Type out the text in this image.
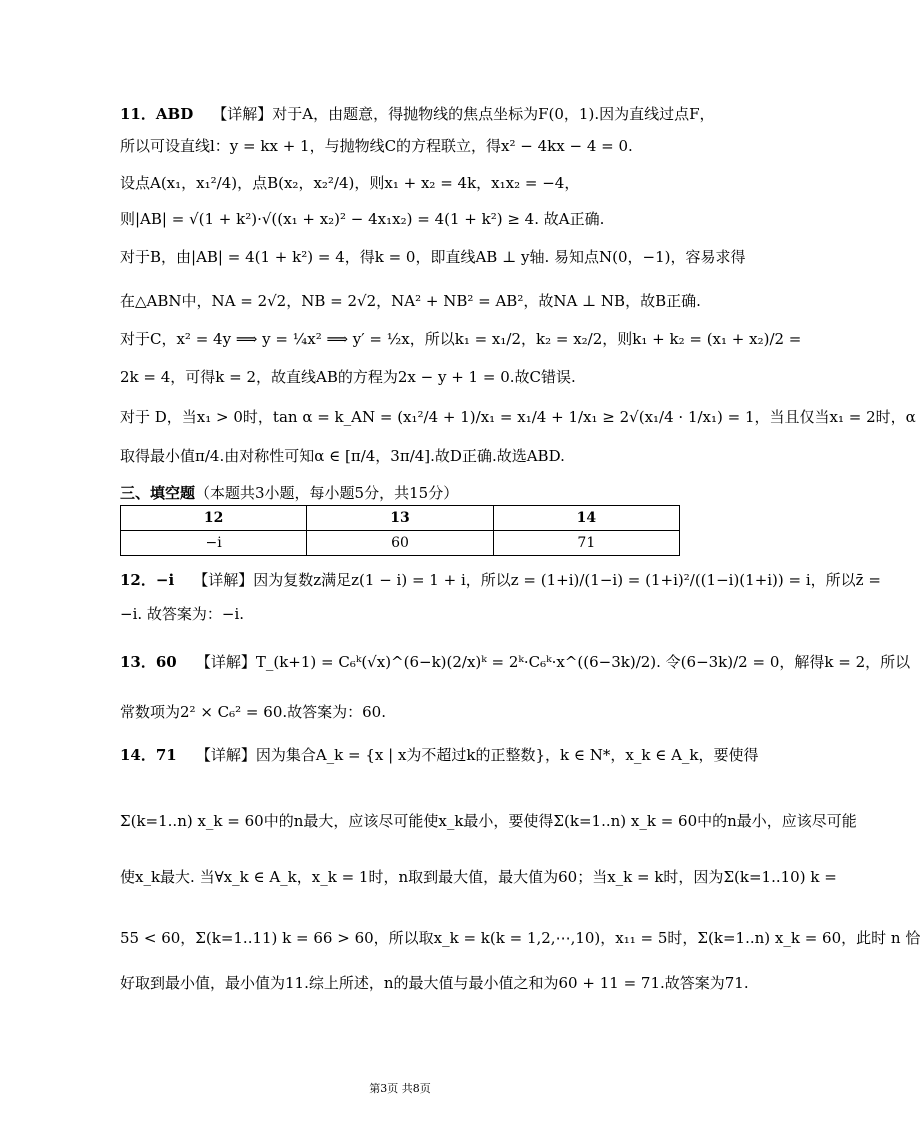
11．ABD 【详解】对于A，由题意，得抛物线的焦点坐标为F(0，1).因为直线过点F，
所以可设直线l：y = kx + 1，与抛物线C的方程联立，得x² − 4kx − 4 = 0.
设点A(x₁，x₁²/4)，点B(x₂，x₂²/4)，则x₁ + x₂ = 4k，x₁x₂ = −4，
则|AB| = √(1 + k²)·√((x₁ + x₂)² − 4x₁x₂) = 4(1 + k²) ≥ 4. 故A正确.
对于B，由|AB| = 4(1 + k²) = 4，得k = 0，即直线AB ⊥ y轴. 易知点N(0，−1)，容易求得
在△ABN中，NA = 2√2，NB = 2√2，NA² + NB² = AB²，故NA ⊥ NB，故B正确.
对于C，x² = 4y ⟹ y = ¼x² ⟹ y′ = ½x，所以k₁ = x₁/2，k₂ = x₂/2，则k₁ + k₂ = (x₁ + x₂)/2 =
2k = 4，可得k = 2，故直线AB的方程为2x − y + 1 = 0.故C错误.
对于 D，当x₁ > 0时，tan α = k_AN = (x₁²/4 + 1)/x₁ = x₁/4 + 1/x₁ ≥ 2√(x₁/4 · 1/x₁) = 1，当且仅当x₁ = 2时，α
取得最小值π/4.由对称性可知α ∈ [π/4，3π/4].故D正确.故选ABD.
三、填空题（本题共3小题，每小题5分，共15分）
12	13	14
−i	60	71
12．−i 【详解】因为复数z满足z(1 − i) = 1 + i，所以z = (1+i)/(1−i) = (1+i)²/((1−i)(1+i)) = i，所以z̄ =
−i. 故答案为：−i.
13．60 【详解】T_(k+1) = C₆ᵏ(√x)^(6−k)(2/x)ᵏ = 2ᵏ·C₆ᵏ·x^((6−3k)/2). 令(6−3k)/2 = 0，解得k = 2，所以
常数项为2² × C₆² = 60.故答案为：60.
14．71 【详解】因为集合A_k = {x | x为不超过k的正整数}，k ∈ N*，x_k ∈ A_k，要使得
Σ(k=1..n) x_k = 60中的n最大，应该尽可能使x_k最小，要使得Σ(k=1..n) x_k = 60中的n最小，应该尽可能
使x_k最大. 当∀x_k ∈ A_k，x_k = 1时，n取到最大值，最大值为60；当x_k = k时，因为Σ(k=1..10) k =
55 < 60，Σ(k=1..11) k = 66 > 60，所以取x_k = k(k = 1,2,⋯,10)，x₁₁ = 5时，Σ(k=1..n) x_k = 60，此时 n 恰
好取到最小值，最小值为11.综上所述，n的最大值与最小值之和为60 + 11 = 71.故答案为71.
第3页 共8页
